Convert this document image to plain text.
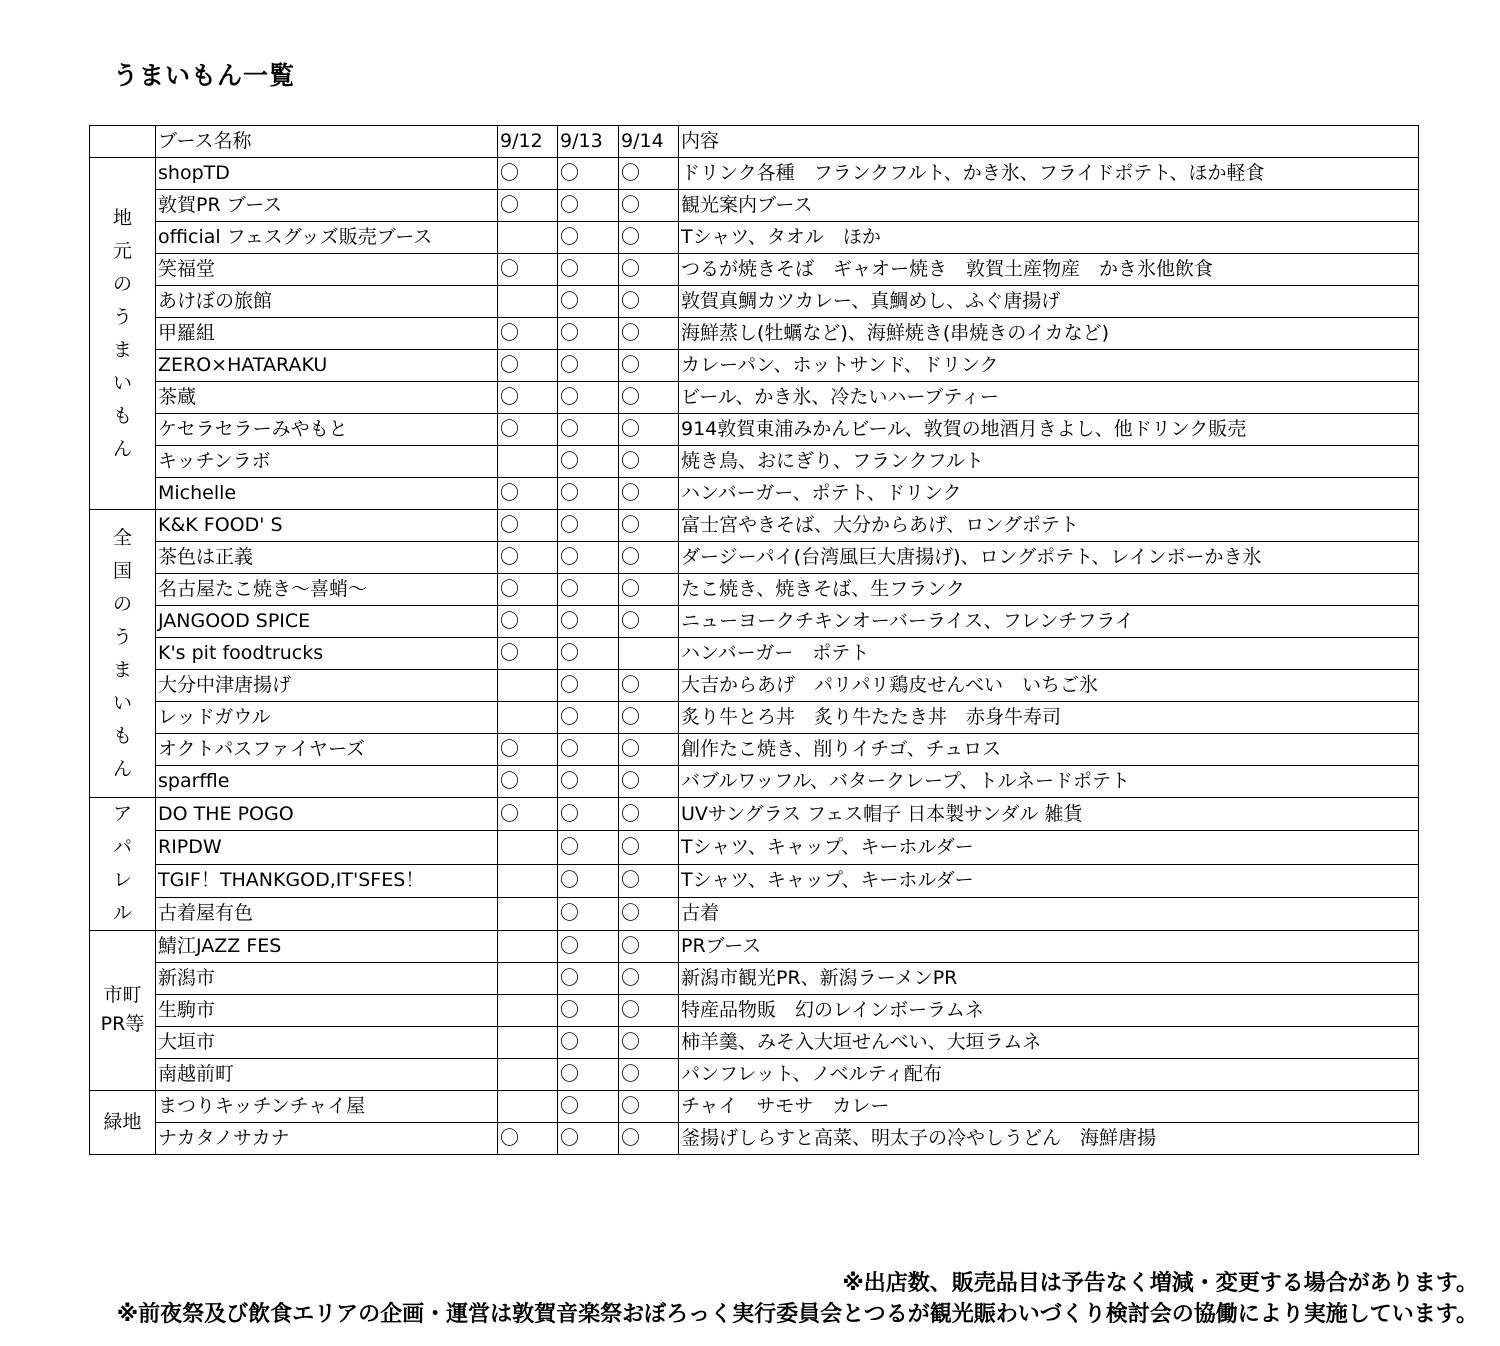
うまいもん一覧
	ブース名称	9/12	9/13	9/14	内容
地元のうまいもん	shopTD	〇	〇	〇	ドリンク各種　フランクフルト、かき氷、フライドポテト、ほか軽食
	敦賀PR ブース	〇	〇	〇	観光案内ブース
	official フェスグッズ販売ブース		〇	〇	Tシャツ、タオル　ほか
	笑福堂	〇	〇	〇	つるが焼きそば　ギャオー焼き　敦賀土産物産　かき氷他飲食
	あけぼの旅館		〇	〇	敦賀真鯛カツカレー、真鯛めし、ふぐ唐揚げ
	甲羅組	〇	〇	〇	海鮮蒸し(牡蠣など)、海鮮焼き(串焼きのイカなど)
	ZERO×HATARAKU	〇	〇	〇	カレーパン、ホットサンド、ドリンク
	茶蔵	〇	〇	〇	ビール、かき氷、冷たいハーブティー
	ケセラセラーみやもと	〇	〇	〇	914敦賀東浦みかんビール、敦賀の地酒月きよし、他ドリンク販売
	キッチンラボ		〇	〇	焼き鳥、おにぎり、フランクフルト
	Michelle	〇	〇	〇	ハンバーガー、ポテト、ドリンク
全国のうまいもん	K&K FOOD' S	〇	〇	〇	富士宮やきそば、大分からあげ、ロングポテト
	茶色は正義	〇	〇	〇	ダージーパイ(台湾風巨大唐揚げ)、ロングポテト、レインボーかき氷
	名古屋たこ焼き～喜蛸～	〇	〇	〇	たこ焼き、焼きそば、生フランク
	JANGOOD SPICE	〇	〇	〇	ニューヨークチキンオーバーライス、フレンチフライ
	K's pit foodtrucks	〇	〇		ハンバーガー　ポテト
	大分中津唐揚げ		〇	〇	大吉からあげ　パリパリ鶏皮せんべい　いちご氷
	レッドガウル		〇	〇	炙り牛とろ丼　炙り牛たたき丼　赤身牛寿司
	オクトパスファイヤーズ	〇	〇	〇	創作たこ焼き、削りイチゴ、チュロス
	sparffle	〇	〇	〇	バブルワッフル、バタークレープ、トルネードポテト
アパレル	DO THE POGO	〇	〇	〇	UVサングラス フェス帽子 日本製サンダル 雑貨
	RIPDW		〇	〇	Tシャツ、キャップ、キーホルダー
	TGIF！THANKGOD,IT'SFES！		〇	〇	Tシャツ、キャップ、キーホルダー
	古着屋有色		〇	〇	古着
市町PR等	鯖江JAZZ FES		〇	〇	PRブース
	新潟市		〇	〇	新潟市観光PR、新潟ラーメンPR
	生駒市		〇	〇	特産品物販　幻のレインボーラムネ
	大垣市		〇	〇	柿羊羹、みそ入大垣せんべい、大垣ラムネ
	南越前町		〇	〇	パンフレット、ノベルティ配布
緑地	まつりキッチンチャイ屋		〇	〇	チャイ　サモサ　カレー
	ナカタノサカナ	〇	〇	〇	釜揚げしらすと高菜、明太子の冷やしうどん　海鮮唐揚
※出店数、販売品目は予告なく増減・変更する場合があります。
※前夜祭及び飲食エリアの企画・運営は敦賀音楽祭おぼろっく実行委員会とつるが観光賑わいづくり検討会の協働により実施しています。
